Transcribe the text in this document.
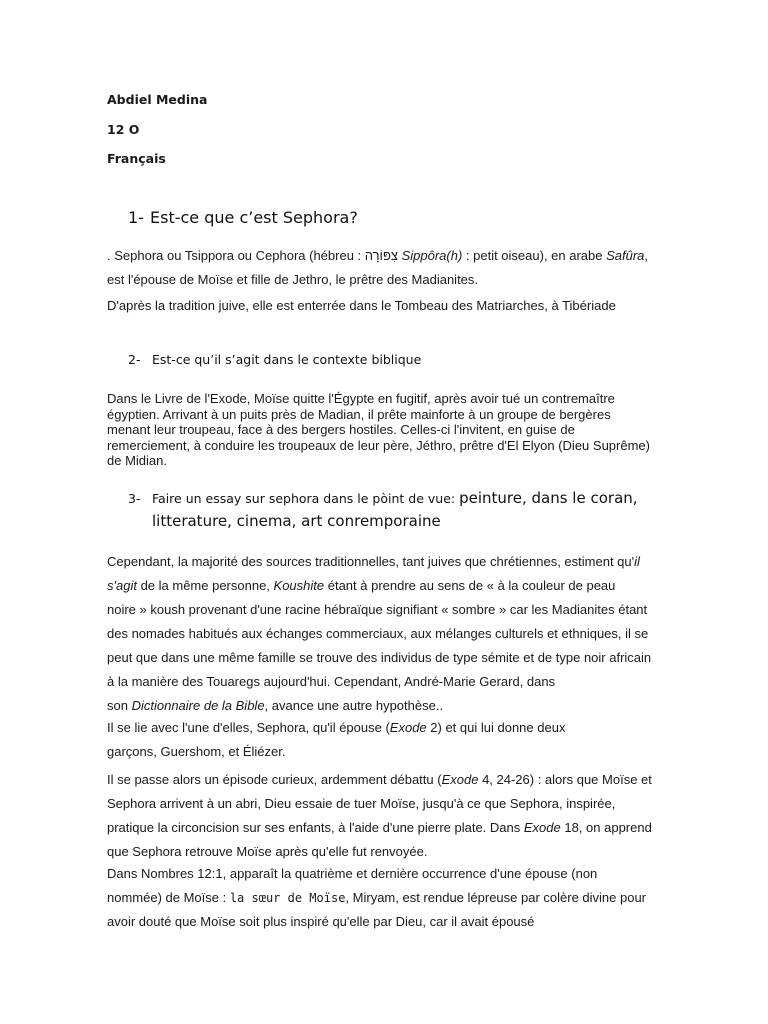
Abdiel Medina
12 O
Français
1- Est-ce que c’est Sephora?

. Sephora ou Tsippora ou Cephora (hébreu : צִפּוֹרָה Sippôra(h) : petit oiseau), en arabe Safûra,
est l'épouse de Moïse et fille de Jethro, le prêtre des Madianites.

D'après la tradition juive, elle est enterrée dans le Tombeau des Matriarches, à Tibériade

2- Est-ce qu’il s’agit dans le contexte biblique

Dans le Livre de l'Exode, Moïse quitte l'Égypte en fugitif, après avoir tué un contremaître
égyptien. Arrivant à un puits près de Madian, il prête mainforte à un groupe de bergères
menant leur troupeau, face à des bergers hostiles. Celles-ci l'invitent, en guise de
remerciement, à conduire les troupeaux de leur père, Jéthro, prêtre d'El Elyon (Dieu Suprême)
de Midian.

3- Faire un essay sur sephora dans le pòint de vue: peinture, dans le coran,
litterature, cinema, art conremporaine

Cependant, la majorité des sources traditionnelles, tant juives que chrétiennes, estiment qu'il
s'agit de la même personne, Koushite étant à prendre au sens de « à la couleur de peau
noire » koush provenant d'une racine hébraïque signifiant « sombre » car les Madianites étant
des nomades habitués aux échanges commerciaux, aux mélanges culturels et ethniques, il se
peut que dans une même famille se trouve des individus de type sémite et de type noir africain
à la manière des Touaregs aujourd'hui. Cependant, André-Marie Gerard, dans
son Dictionnaire de la Bible, avance une autre hypothèse..

Il se lie avec l'une d'elles, Sephora, qu'il épouse (Exode 2) et qui lui donne deux
garçons, Guershom, et Éliézer.

Il se passe alors un épisode curieux, ardemment débattu (Exode 4, 24-26) : alors que Moïse et
Sephora arrivent à un abri, Dieu essaie de tuer Moïse, jusqu'à ce que Sephora, inspirée,
pratique la circoncision sur ses enfants, à l'aide d'une pierre plate. Dans Exode 18, on apprend
que Sephora retrouve Moïse après qu'elle fut renvoyée.

Dans Nombres 12:1, apparaît la quatrième et dernière occurrence d'une épouse (non
nommée) de Moïse : la sœur de Moïse, Miryam, est rendue lépreuse par colère divine pour
avoir douté que Moïse soit plus inspiré qu'elle par Dieu, car il avait épousé
